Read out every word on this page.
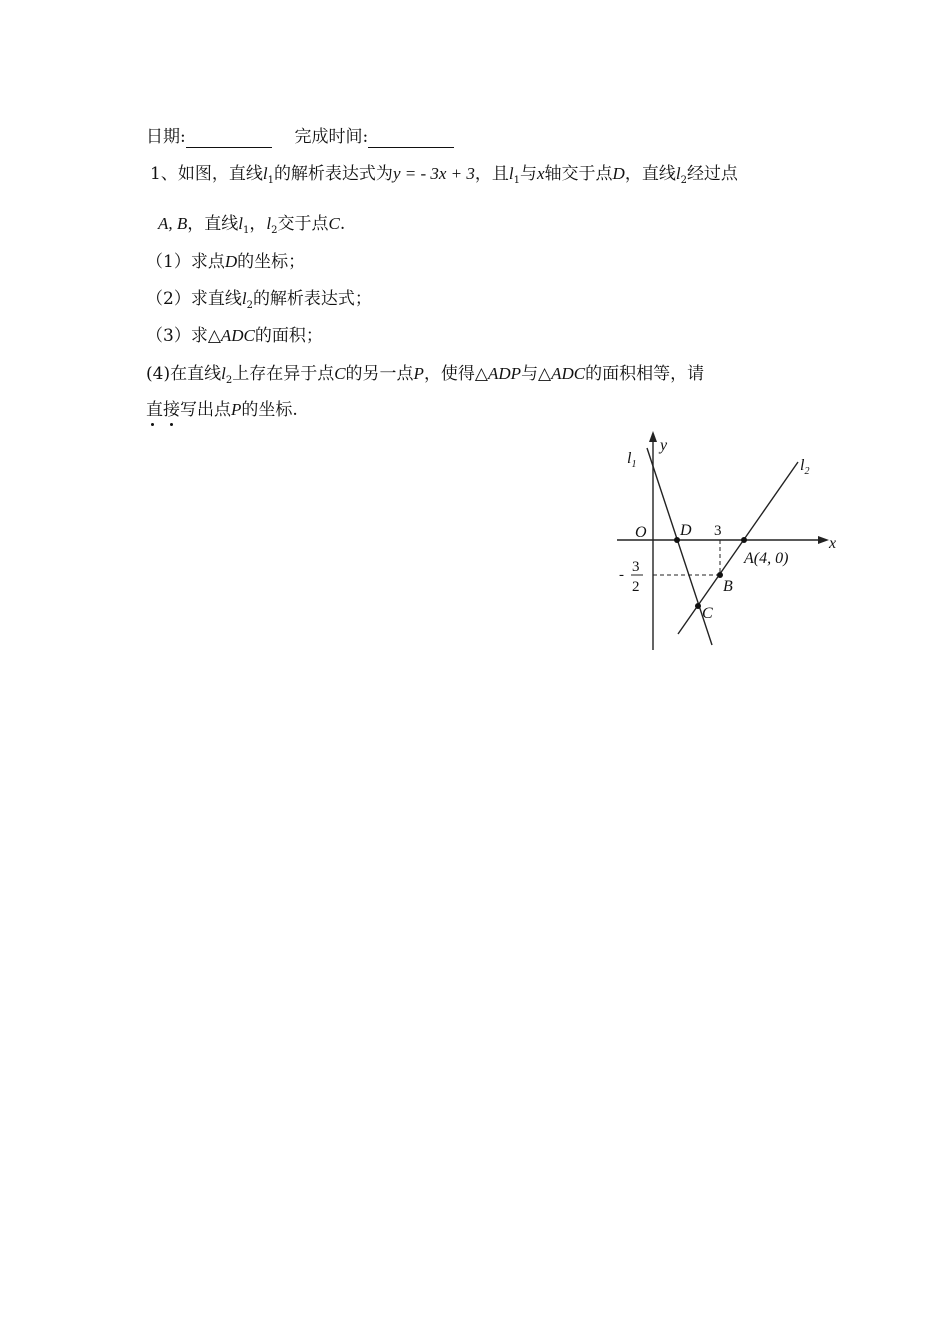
日期:	完成时间:
1、如图，直线$l_1$的解析表达式为y = - 3x + 3，且$l_1$与x轴交于点D，直线$l_2$经过点
A, B，直线$l_1$，$l_2$交于点C.
（1）求点D的坐标；
（2）求直线$l_2$的解析表达式；
（3）求△ADC的面积；
(4)在直线$l_2$上存在异于点C的另一点P，使得△ADP与△ADC的面积相等，请
直接写出点P的坐标.
$l_1$	$l_2$
y
x
O D
B
C
A(4, 0)
3
- 3
2
